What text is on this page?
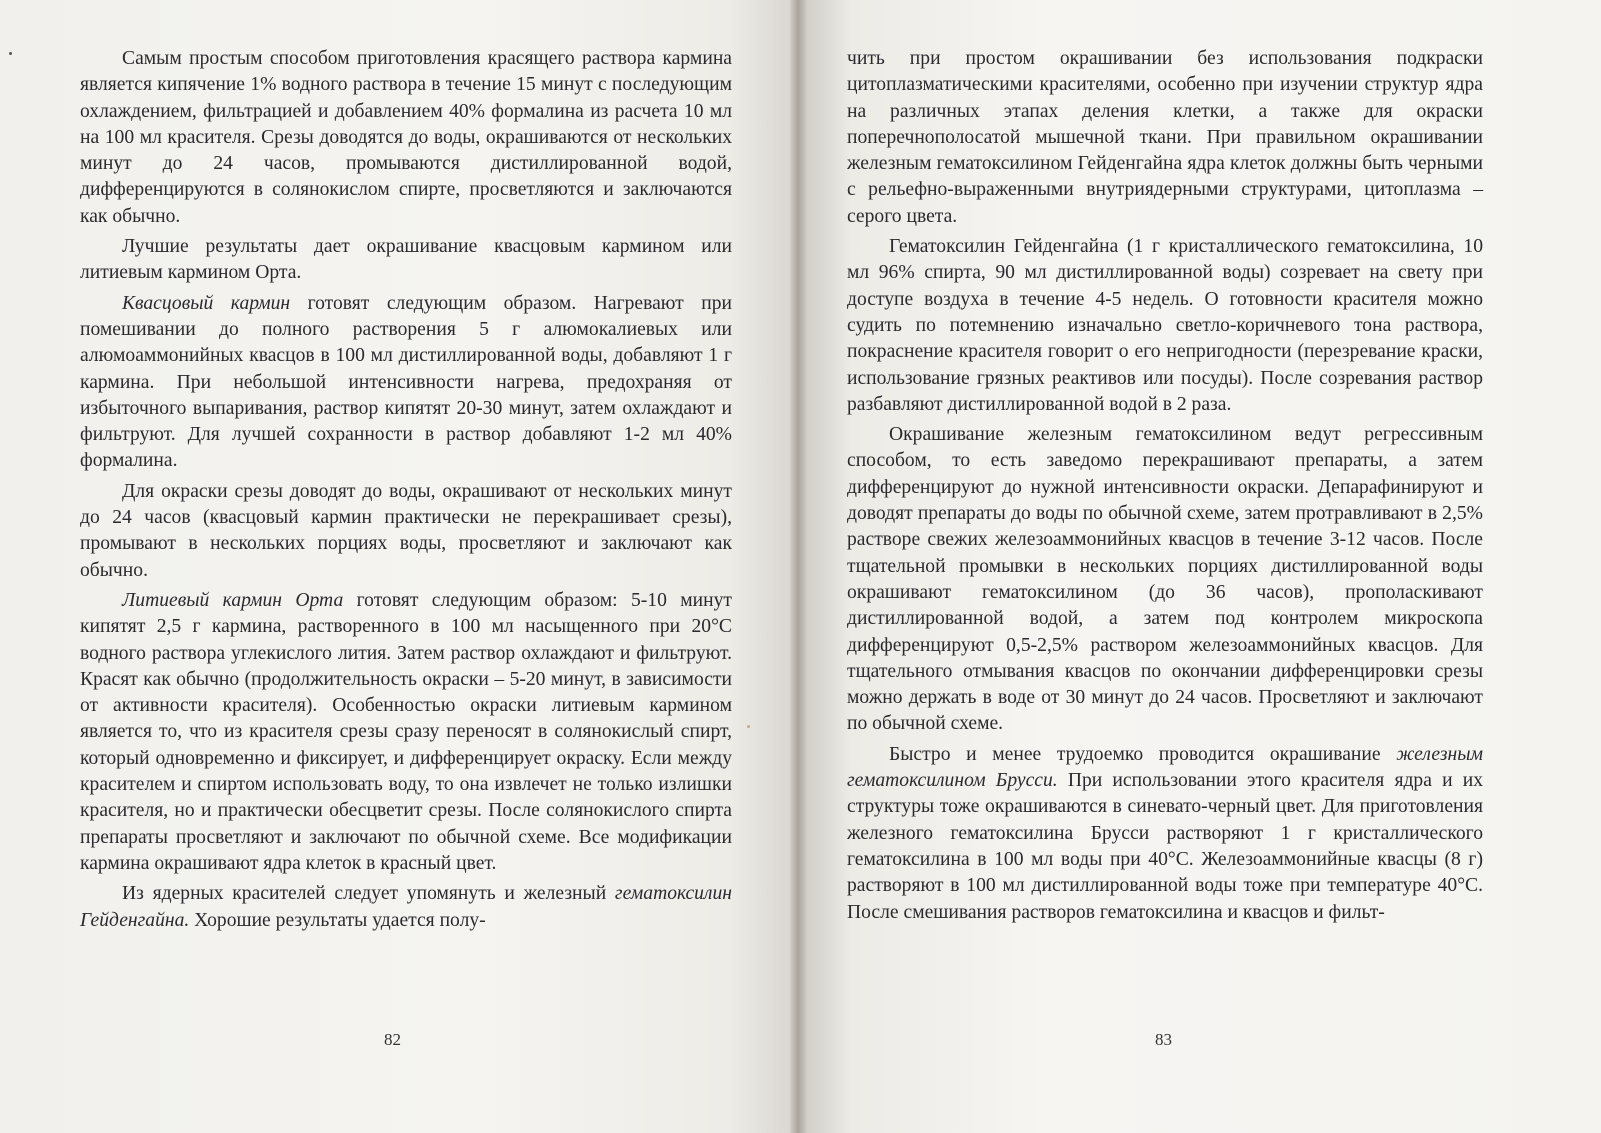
Самым простым способом приготовления красящего раствора кармина является кипячение 1% водного раствора в течение 15 минут с последующим охлаждением, фильтрацией и добавлением 40% формалина из расчета 10 мл на 100 мл красителя. Срезы доводятся до воды, окрашиваются от нескольких минут до 24 часов, промываются дистиллированной водой, дифференцируются в солянокислом спирте, просветляются и заключаются как обычно.

Лучшие результаты дает окрашивание квасцовым кармином или литиевым кармином Орта.

Квасцовый кармин готовят следующим образом. Нагревают при помешивании до полного растворения 5 г алюмокалиевых или алюмоаммонийных квасцов в 100 мл дистиллированной воды, добавляют 1 г кармина. При небольшой интенсивности нагрева, предохраняя от избыточного выпаривания, раствор кипятят 20-30 минут, затем охлаждают и фильтруют. Для лучшей сохранности в раствор добавляют 1-2 мл 40% формалина.

Для окраски срезы доводят до воды, окрашивают от нескольких минут до 24 часов (квасцовый кармин практически не перекрашивает срезы), промывают в нескольких порциях воды, просветляют и заключают как обычно.

Литиевый кармин Орта готовят следующим образом: 5-10 минут кипятят 2,5 г кармина, растворенного в 100 мл насыщенного при 20°С водного раствора углекислого лития. Затем раствор охлаждают и фильтруют. Красят как обычно (продолжительность окраски – 5-20 минут, в зависимости от активности красителя). Особенностью окраски литиевым кармином является то, что из красителя срезы сразу переносят в солянокислый спирт, который одновременно и фиксирует, и дифференцирует окраску. Если между красителем и спиртом использовать воду, то она извлечет не только излишки красителя, но и практически обесцветит срезы. После солянокислого спирта препараты просветляют и заключают по обычной схеме. Все модификации кармина окрашивают ядра клеток в красный цвет.

Из ядерных красителей следует упомянуть и железный гематоксилин Гейденгайна. Хорошие результаты удается полу-

82

чить при простом окрашивании без использования подкраски цитоплазматическими красителями, особенно при изучении структур ядра на различных этапах деления клетки, а также для окраски поперечнополосатой мышечной ткани. При правильном окрашивании железным гематоксилином Гейденгайна ядра клеток должны быть черными с рельефно-выраженными внутриядерными структурами, цитоплазма – серого цвета.

Гематоксилин Гейденгайна (1 г кристаллического гематоксилина, 10 мл 96% спирта, 90 мл дистиллированной воды) созревает на свету при доступе воздуха в течение 4-5 недель. О готовности красителя можно судить по потемнению изначально светло-коричневого тона раствора, покраснение красителя говорит о его непригодности (перезревание краски, использование грязных реактивов или посуды). После созревания раствор разбавляют дистиллированной водой в 2 раза.

Окрашивание железным гематоксилином ведут регрессивным способом, то есть заведомо перекрашивают препараты, а затем дифференцируют до нужной интенсивности окраски. Депарафинируют и доводят препараты до воды по обычной схеме, затем протравливают в 2,5% растворе свежих железоаммонийных квасцов в течение 3-12 часов. После тщательной промывки в нескольких порциях дистиллированной воды окрашивают гематоксилином (до 36 часов), прополаскивают дистиллированной водой, а затем под контролем микроскопа дифференцируют 0,5-2,5% раствором железоаммонийных квасцов. Для тщательного отмывания квасцов по окончании дифференцировки срезы можно держать в воде от 30 минут до 24 часов. Просветляют и заключают по обычной схеме.

Быстро и менее трудоемко проводится окрашивание железным гематоксилином Брусси. При использовании этого красителя ядра и их структуры тоже окрашиваются в синевато-черный цвет. Для приготовления железного гематоксилина Брусси растворяют 1 г кристаллического гематоксилина в 100 мл воды при 40°С. Железоаммонийные квасцы (8 г) растворяют в 100 мл дистиллированной воды тоже при температуре 40°С. После смешивания растворов гематоксилина и квасцов и фильт-

83
